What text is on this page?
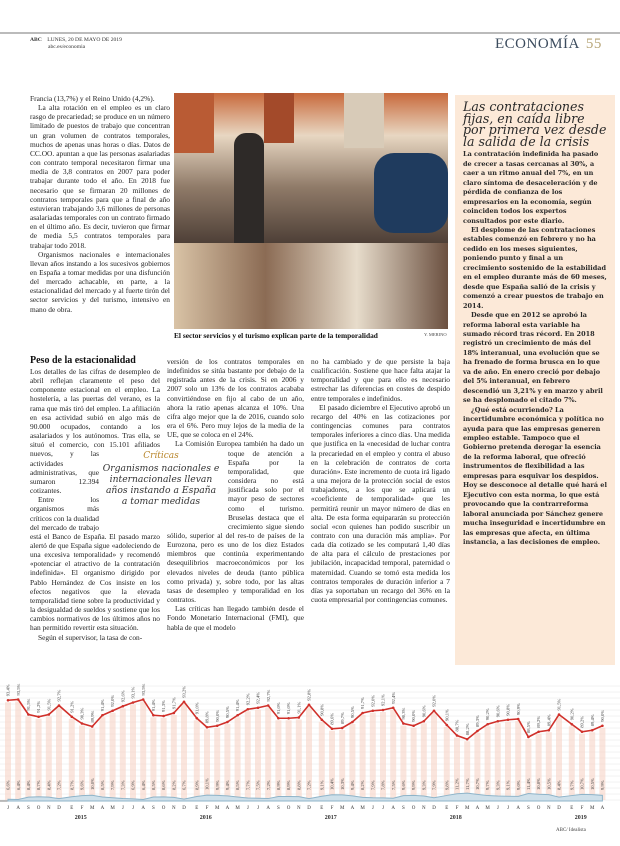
ABC LUNES, 20 DE MAYO DE 2019
abc.es/economia	ECONOMÍA 55

Francia (13,7%) y el Reino Unido (4,2%).

La alta rotación en el empleo es un claro rasgo de precariedad; se produce en un número limitado de puestos de trabajo que concentran un gran volumen de contratos temporales, muchos de apenas unas horas o días. Datos de CC.OO. apuntan a que las personas asalariadas con contrato temporal necesitaron firmar una media de 3,8 contratos en 2007 para poder trabajar durante todo el año. En 2018 fue necesario que se firmaran 20 millones de contratos temporales para que a final de año estuvieran trabajando 3,6 millones de personas asalariadas temporales con un contrato firmado en el último año. Es decir, tuvieron que firmar de media 5,5 contratos temporales para trabajar todo 2018.

Organismos nacionales e internacionales llevan años instando a los sucesivos gobiernos en España a tomar medidas por una disfunción del mercado achacable, en parte, a la estacionalidad del mercado y al fuerte tirón del sector servicios y del turismo, intensivo en mano de obra.

El sector servicios y el turismo explican parte de la temporalidad	Y. MERINO
Las contrataciones fijas, en caída libre por primera vez desde la salida de la crisis

La contratación indefinida ha pasado de crecer a tasas cercanas al 30%, a caer a un ritmo anual del 7%, en un claro síntoma de desaceleración y de pérdida de confianza de los empresarios en la economía, según coinciden todos los expertos consultados por este diario.

El desplome de las contrataciones estables comenzó en febrero y no ha cedido en los meses siguientes, poniendo punto y final a un crecimiento sostenido de la estabilidad en el empleo durante más de 60 meses, desde que España salió de la crisis y comenzó a crear puestos de trabajo en 2014.

Desde que en 2012 se aprobó la reforma laboral esta variable ha sumado récord tras récord. En 2018 registró un crecimiento de más del 18% interanual, una evolución que se ha frenado de forma brusca en lo que va de año. En enero creció por debajo del 5% interanual, en febrero descendió un 3,21% y en marzo y abril se ha desplomado el citado 7%.

¿Qué está ocurriendo? La incertidumbre económica y política no ayuda para que las empresas generen empleo estable. Tampoco que el Gobierno pretenda derogar la esencia de la reforma laboral, que ofreció instrumentos de flexibilidad a las empresas para esquivar los despidos. Hoy se desconoce al detalle qué hará el Ejecutivo con esta norma, lo que está provocando que la contrarreforma laboral anunciada por Sánchez genere mucha inseguridad e incertidumbre en las empresas que afecta, en última instancia, a las decisiones de empleo.

Peso de la estacionalidad

Los detalles de las cifras de desempleo de abril reflejan claramente el peso del componente estacional en el empleo. La hostelería, a las puertas del verano, es la rama que más tiró del empleo. La afiliación en esa actividad subió en algo más de 90.000 ocupados, contando a los asalariados y los autónomos. Tras ella, se situó el comercio, con 15.101
Críticas
Organismos nacionales e internacionales llevan años instando a España a tomar medidas
afiliados nuevos, y las actividades administrativas, que sumaron 12.394 cotizantes.

Entre los organismos más críticos con la dualidad del mercado de trabajo está el Banco de España. El pasado marzo alertó de que España sigue «adoleciendo de una excesiva temporalidad» y recomendó «potenciar el atractivo de la contratación indefinida». El organismo dirigido por Pablo Hernández de Cos insiste en los efectos negativos que la elevada temporalidad tiene sobre la productividad y la desigualdad de sueldos y sostiene que los cambios normativos de los últimos años no han permitido revertir esta situación.

Según el supervisor, la tasa de con-

versión de los contratos temporales en indefinidos se sitúa bastante por debajo de la registrada antes de la crisis. Si en 2006 y 2007 solo un 13% de los contratos acababa convirtiéndose en fijo al cabo de un año, ahora la ratio apenas alcanza el 10%. Una cifra algo mejor que la de 2016, cuando solo era el 6%. Pero muy lejos de la media de la UE, que se coloca en el 24%.

La Comisión Europea también ha dado un toque de atención a España por la temporalidad, que considera no está justificada solo por el mayor peso de sectores como el turismo. Bruselas destaca que el crecimiento sigue siendo sólido, superior al del res-to de países de la Eurozona, pero es uno de los diez Estados miembros que continúa experimentando desequilibrios macroeconómicos por los elevados niveles de deuda (tanto pública como privada) y, sobre todo, por las altas tasas de desempleo y temporalidad en los contratos.

Las críticas han llegado también desde el Fondo Monetario Internacional (FMI), que habla de que el modelo

no ha cambiado y de que persiste la baja cualificación. Sostiene que hace falta atajar la temporalidad y que para ello es necesario estrechar las diferencias en costes de despido entre temporales e indefinidos.

El pasado diciembre el Ejecutivo aprobó un recargo del 40% en las cotizaciones por contingencias comunes para contratos temporales inferiores a cinco días. Una medida que justifica en la «necesidad de luchar contra la precariedad en el empleo y contra el abuso en la celebración de contratos de corta duración». Este incremento de cuota irá ligado a una mejora de la protección social de estos trabajadores, a los que se aplicará un «coeficiente de temporalidad» que les permitirá reunir un mayor número de días en alta. De esta forma equipararán su protección social «con quienes han podido suscribir un contrato con una duración más amplia». Por cada día cotizado se les computará 1,40 días de alta para el cálculo de prestaciones por jubilación, incapacidad temporal, paternidad o maternidad. Cuando se tomó esta medida los contratos temporales de duración inferior a 7 días ya soportaban un recargo del 36% en la cuota empresarial por contingencias comunes.

J A S O N D E F M A M J J A S O N D E F M A M J J A S O N D E F M A M J J A S O N D E F M A M J J A S O N D E F M A
2015	2016	2017	2018	2019
93,4% 93,5%
91,5% 91,2% 91,5%
92,7%
91,2%
90,3% 89,9%
91,4% 92,0% 92,6% 93,1% 93,5%
91,4% 91,3% 91,7%
93,2%
91,0%
89,8% 90,0% 90,5%
91,4%
92,2% 92,4% 92,7%
91,0% 91,0% 91,1%
92,8%
90,8%
89,6% 89,7%
90,5%
91,7% 92,0% 92,1% 92,4%
90,3% 90,0% 90,6%
92,0%
90,1%
88,7% 88,2%
89,3%
90,2% 90,6% 90,8% 90,9%
88,5% 89,2% 89,4%
91,5%
90,2%
89,2% 89,4% 90,0%
6,6% 6,4% 8,4% 8,7% 8,4% 7,2% 8,7% 9,6% 10,0% 8,5% 7,9% 7,3% 6,9% 6,4% 8,5% 8,6% 8,2% 6,7% 8,9% 10,1% 9,9% 9,4% 8,5% 7,7% 7,5% 7,2% 8,9% 8,9% 8,8% 7,2% 9,1% 10,4% 10,3% 9,4% 8,2% 7,9% 7,8% 7,5% 9,6% 9,9% 9,3% 7,9% 9,8% 11,2% 11,7% 10,7% 9,7% 9,3% 9,1% 9,0% 11,4% 10,8% 10,5% 8,4% 9,7% 10,7% 10,5% 9,9%
ABC/ Idealista
